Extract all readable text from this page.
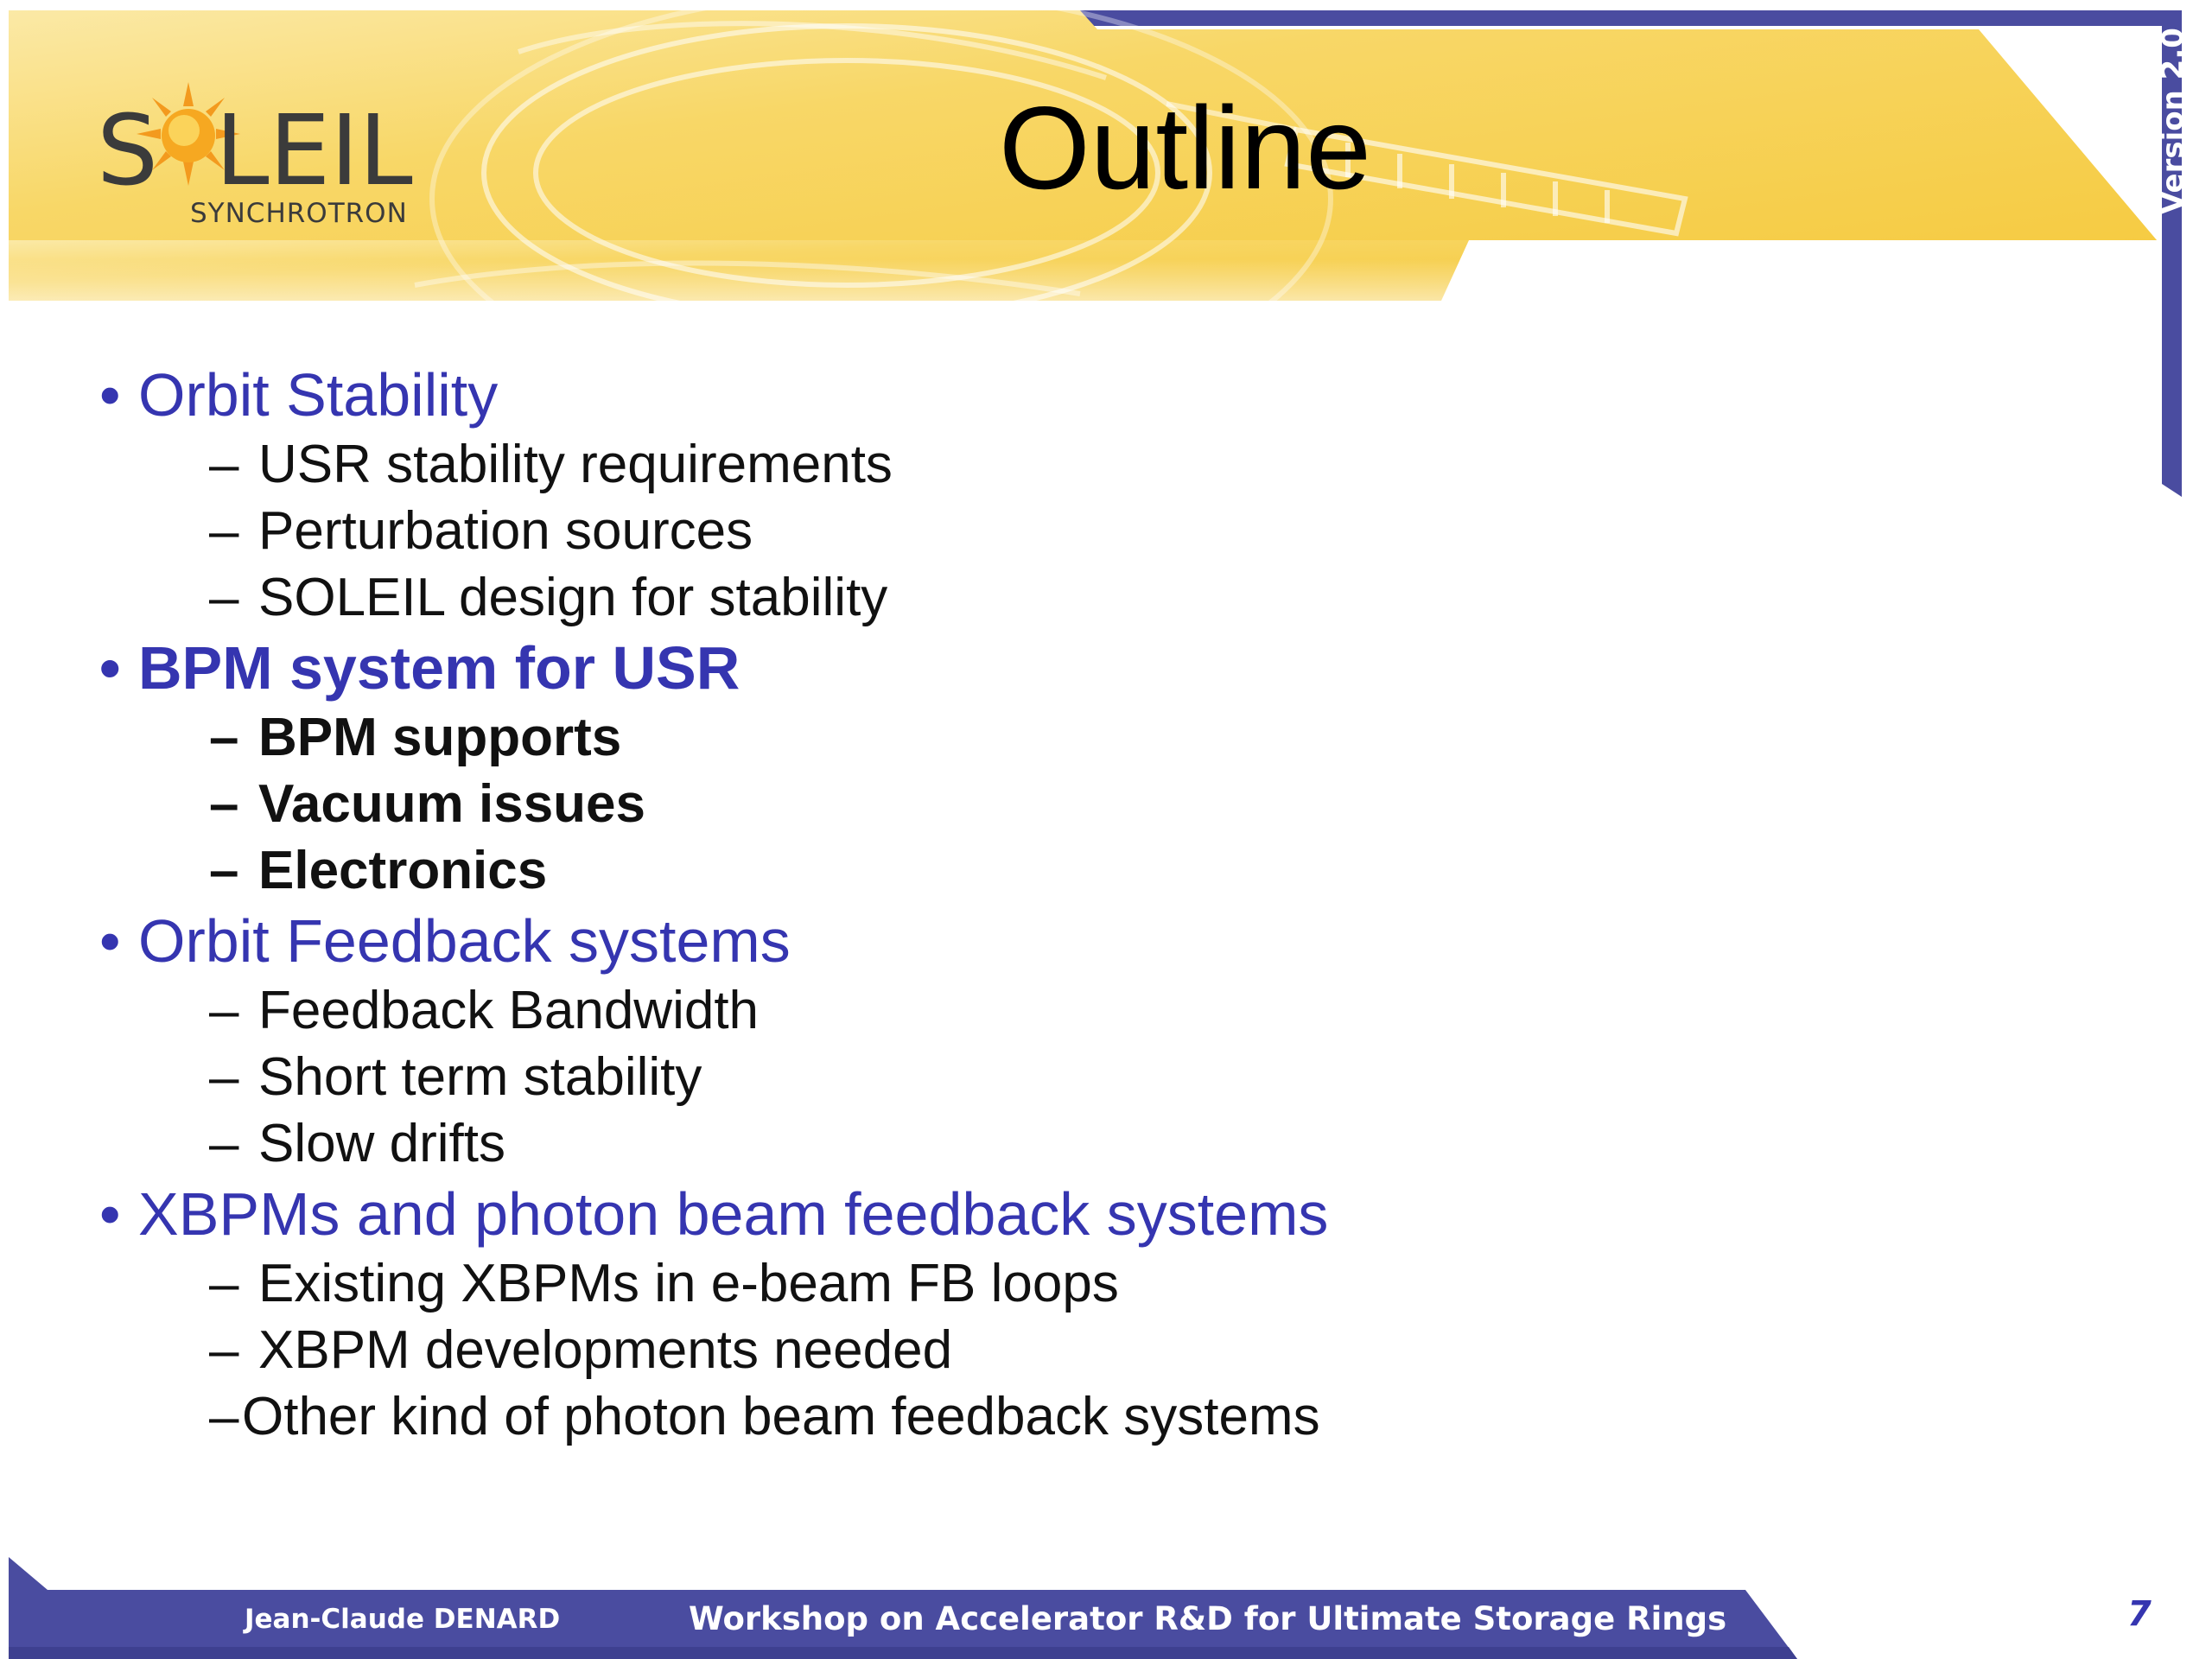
S LEIL
SYNCHROTRON	Outline	Version 2.0
• Orbit Stability
– USR stability requirements
– Perturbation sources
– SOLEIL design for stability
• BPM system for USR
– BPM supports
– Vacuum issues
– Electronics
• Orbit Feedback systems
– Feedback Bandwidth
– Short term stability
– Slow drifts
• XBPMs and photon beam feedback systems
– Existing XBPMs in e-beam FB loops
– XBPM developments needed
–Other kind of photon beam feedback systems
Jean-Claude DENARD	Workshop on Accelerator R&D for Ultimate Storage Rings	7
